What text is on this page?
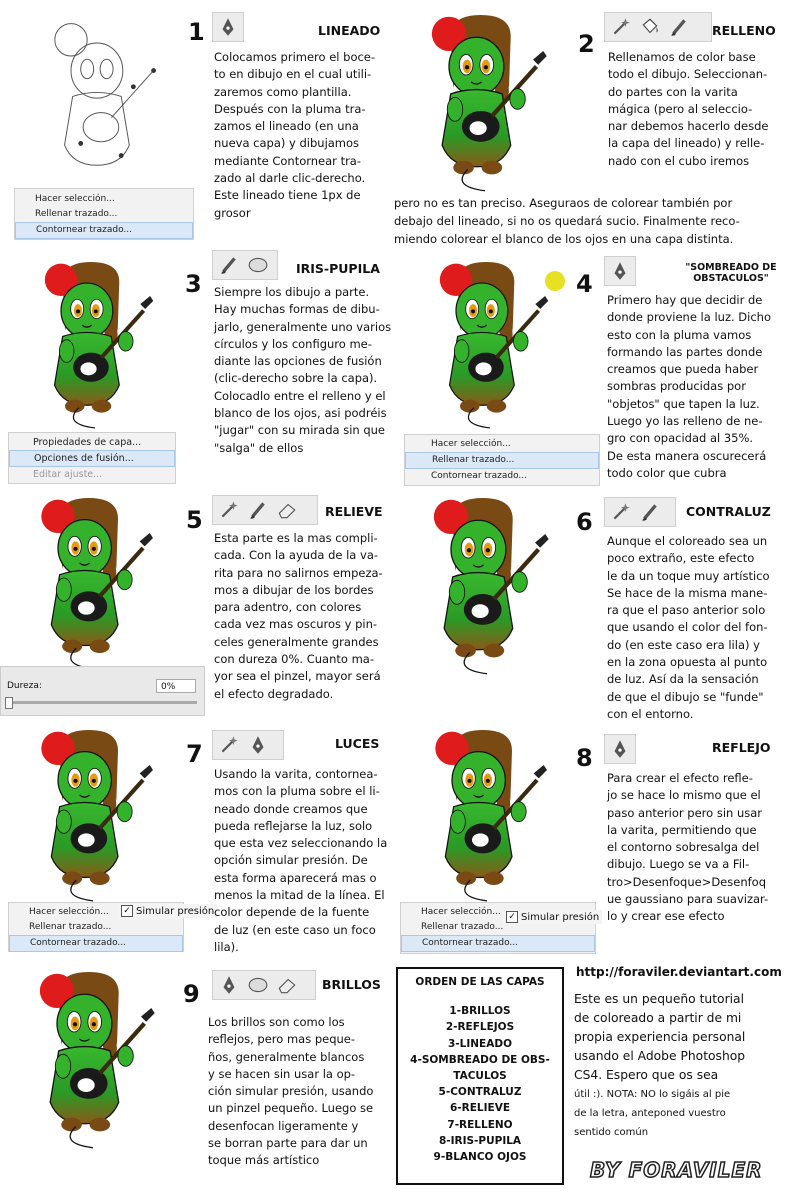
Hacer selección...
Rellenar trazado...
Contornear trazado...
1	LINEADO
Colocamos primero el boce-
to en dibujo en el cual utili-
zaremos como plantilla.
Después con la pluma tra-
zamos el lineado (en una
nueva capa) y dibujamos
mediante Contornear tra-
zado al darle clic-derecho.
Este lineado tiene 1px de
grosor
2	RELLENO
Rellenamos de color base
todo el dibujo. Seleccionan-
do partes con la varita
mágica (pero al seleccio-
nar debemos hacerlo desde
la capa del lineado) y relle-
nado con el cubo iremos
pero no es tan preciso. Aseguraos de colorear también por
debajo del lineado, si no os quedará sucio. Finalmente reco-
miendo colorear el blanco de los ojos en una capa distinta.
Propiedades de capa...
Opciones de fusión...
Editar ajuste...
3
IRIS-PUPILA
Siempre los dibujo a parte.
Hay muchas formas de dibu-
jarlo, generalmente uno varios
círculos y los configuro me-
diante las opciones de fusión
(clic-derecho sobre la capa).
Colocadlo entre el relleno y el
blanco de los ojos, asi podréis
"jugar" con su mirada sin que
"salga" de ellos	Hacer selección...
Rellenar trazado...
Contornear trazado...
4
"SOMBREADO DE OBSTACULOS"
Primero hay que decidir de
donde proviene la luz. Dicho
esto con la pluma vamos
formando las partes donde
creamos que pueda haber
sombras producidas por
"objetos" que tapen la luz.
Luego yo las relleno de ne-
gro con opacidad al 35%.
De esta manera oscurecerá
todo color que cubra
Dureza:	0%
5	RELIEVE
Esta parte es la mas compli-
cada. Con la ayuda de la va-
rita para no salirnos empeza-
mos a dibujar de los bordes
para adentro, con colores
cada vez mas oscuros y pin-
celes generalmente grandes
con dureza 0%. Cuanto ma-
yor sea el pinzel, mayor será
el efecto degradado.
6	CONTRALUZ
Aunque el coloreado sea un
poco extraño, este efecto
le da un toque muy artístico
Se hace de la misma mane-
ra que el paso anterior solo
que usando el color del fon-
do (en este caso era lila) y
en la zona opuesta al punto
de luz. Así da la sensación
de que el dibujo se "funde"
con el entorno.
Hacer selección...
Rellenar trazado...
Contornear trazado...
✓ Simular presión
7	LUCES
Usando la varita, contornea-
mos con la pluma sobre el li-
neado donde creamos que
pueda reflejarse la luz, solo
que esta vez seleccionando la
opción simular presión. De
esta forma aparecerá mas o
menos la mitad de la línea. El
color depende de la fuente
de luz (en este caso un foco
lila).
Hacer selección...
Rellenar trazado...
Contornear trazado...
✓ Simular presión
8	REFLEJO
Para crear el efecto refle-
jo se hace lo mismo que el
paso anterior pero sin usar
la varita, permitiendo que
el contorno sobresalga del
dibujo. Luego se va a Fil-
tro>Desenfoque>Desenfoq
ue gaussiano para suavizar-
lo y crear ese efecto
9	BRILLOS
Los brillos son como los
reflejos, pero mas peque-
ños, generalmente blancos
y se hacen sin usar la op-
ción simular presión, usando
un pinzel pequeño. Luego se
desenfocan ligeramente y
se borran parte para dar un
toque más artístico
ORDEN DE LAS CAPAS
1-BRILLOS
2-REFLEJOS
3-LINEADO
4-SOMBREADO DE OBS-
TACULOS
5-CONTRALUZ
6-RELIEVE
7-RELLENO
8-IRIS-PUPILA
9-BLANCO OJOS
http://foraviler.deviantart.com
Este es un pequeño tutorial
de coloreado a partir de mi
propia experiencia personal
usando el Adobe Photoshop
CS4. Espero que os sea
útil :). NOTA: NO lo sigáis al pie
de la letra, anteponed vuestro
sentido común
BY FORAVILER
